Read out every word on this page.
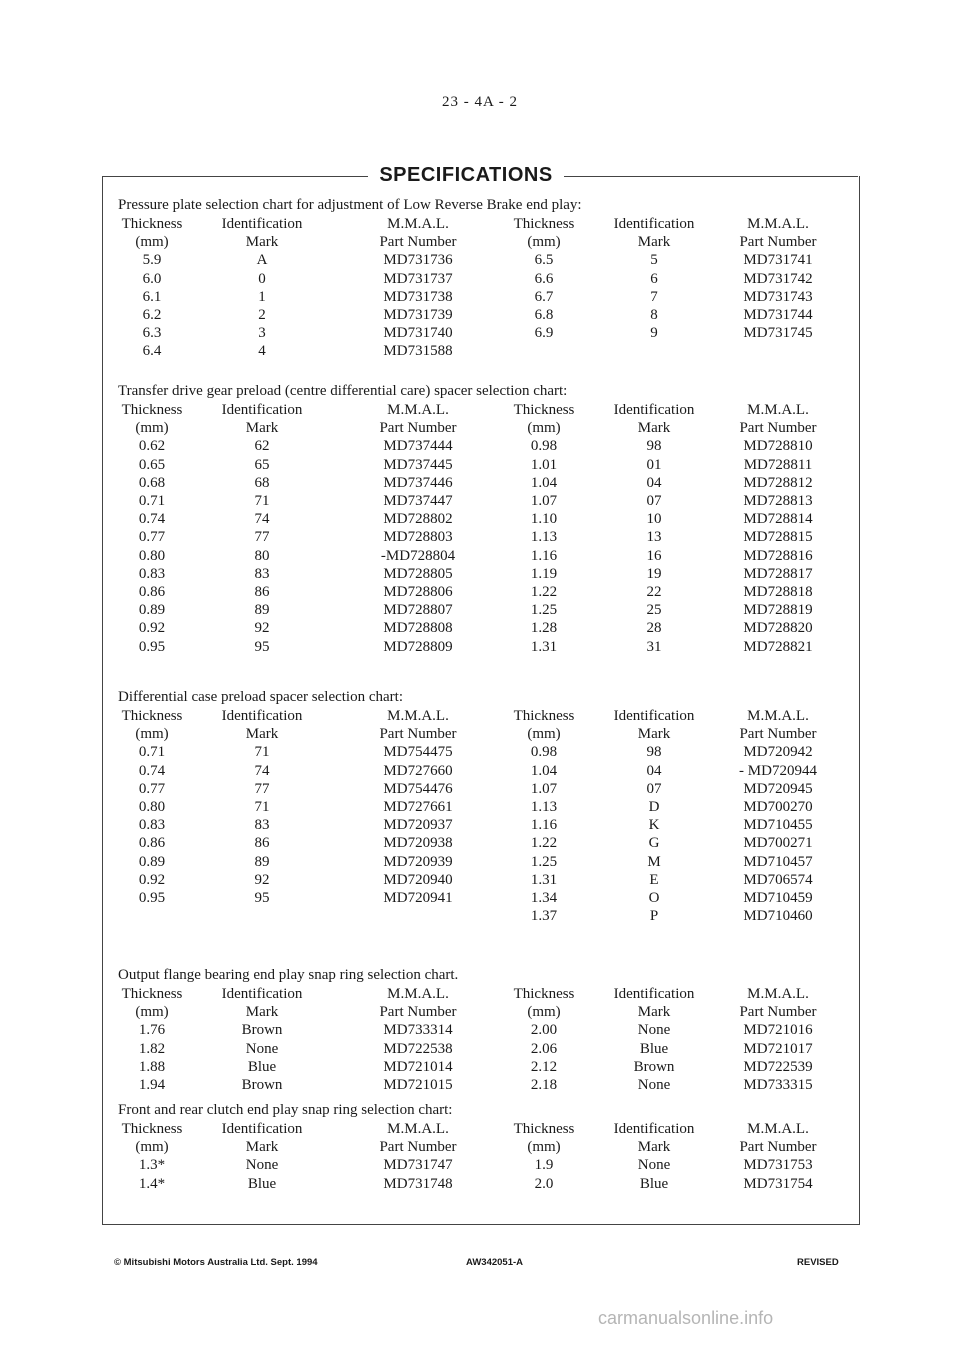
23 - 4A - 2
SPECIFICATIONS
Pressure plate selection chart for adjustment of Low Reverse Brake end play:
Thickness	Identification	M.M.A.L.	Thickness	Identification	M.M.A.L.
(mm)	Mark	Part Number	(mm)	Mark	Part Number
5.9	A	MD731736	6.5	5	MD731741
6.0	0	MD731737	6.6	6	MD731742
6.1	1	MD731738	6.7	7	MD731743
6.2	2	MD731739	6.8	8	MD731744
6.3	3	MD731740	6.9	9	MD731745
6.4	4	MD731588			
Transfer drive gear preload (centre differential care) spacer selection chart:
Thickness	Identification	M.M.A.L.	Thickness	Identification	M.M.A.L.
(mm)	Mark	Part Number	(mm)	Mark	Part Number
0.62	62	MD737444	0.98	98	MD728810
0.65	65	MD737445	1.01	01	MD728811
0.68	68	MD737446	1.04	04	MD728812
0.71	71	MD737447	1.07	07	MD728813
0.74	74	MD728802	1.10	10	MD728814
0.77	77	MD728803	1.13	13	MD728815
0.80	80	-MD728804	1.16	16	MD728816
0.83	83	MD728805	1.19	19	MD728817
0.86	86	MD728806	1.22	22	MD728818
0.89	89	MD728807	1.25	25	MD728819
0.92	92	MD728808	1.28	28	MD728820
0.95	95	MD728809	1.31	31	MD728821
Differential case preload spacer selection chart:
Thickness	Identification	M.M.A.L.	Thickness	Identification	M.M.A.L.
(mm)	Mark	Part Number	(mm)	Mark	Part Number
0.71	71	MD754475	0.98	98	MD720942
0.74	74	MD727660	1.04	04	- MD720944
0.77	77	MD754476	1.07	07	MD720945
0.80	71	MD727661	1.13	D	MD700270
0.83	83	MD720937	1.16	K	MD710455
0.86	86	MD720938	1.22	G	MD700271
0.89	89	MD720939	1.25	M	MD710457
0.92	92	MD720940	1.31	E	MD706574
0.95	95	MD720941	1.34	O	MD710459
			1.37	P	MD710460
Output flange bearing end play snap ring selection chart.
Thickness	Identification	M.M.A.L.	Thickness	Identification	M.M.A.L.
(mm)	Mark	Part Number	(mm)	Mark	Part Number
1.76	Brown	MD733314	2.00	None	MD721016
1.82	None	MD722538	2.06	Blue	MD721017
1.88	Blue	MD721014	2.12	Brown	MD722539
1.94	Brown	MD721015	2.18	None	MD733315
Front and rear clutch end play snap ring selection chart:
Thickness	Identification	M.M.A.L.	Thickness	Identification	M.M.A.L.
(mm)	Mark	Part Number	(mm)	Mark	Part Number
1.3*	None	MD731747	1.9	None	MD731753
1.4*	Blue	MD731748	2.0	Blue	MD731754
© Mitsubishi Motors Australia Ltd. Sept. 1994	AW342051-A	REVISED
carmanualsonline.info
